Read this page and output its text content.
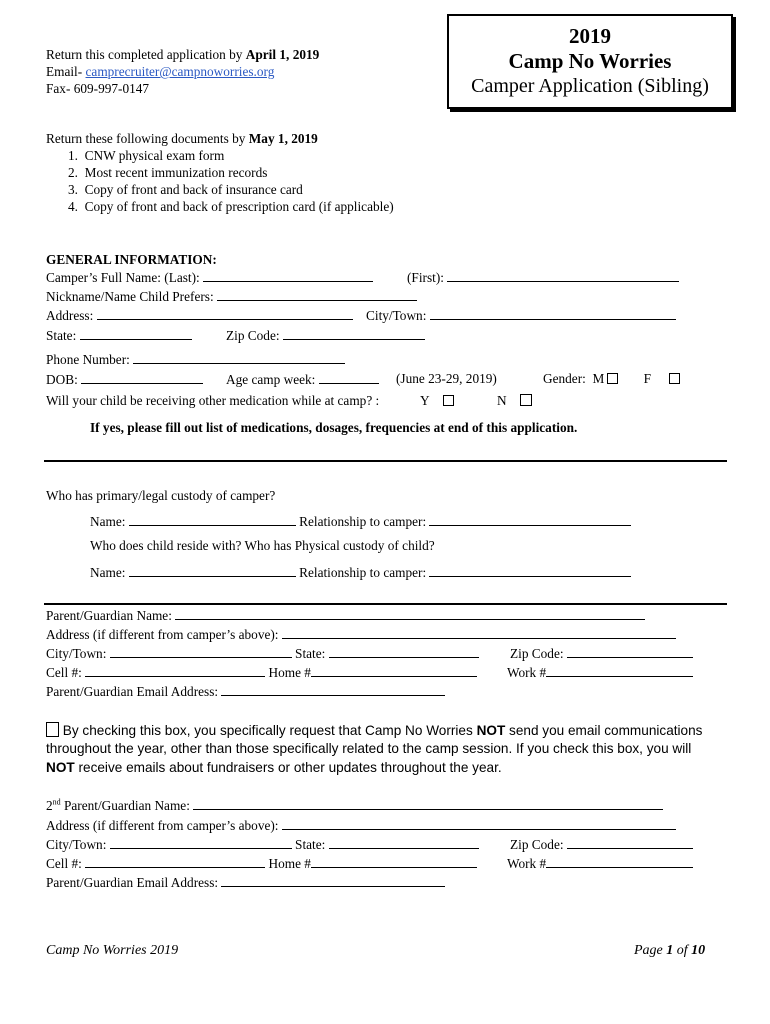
Return this completed application by April 1, 2019
Email- camprecruiter@campnoworries.org
Fax- 609-997-0147
2019
Camp No Worries
Camper Application (Sibling)
Return these following documents by May 1, 2019
1.  CNW physical exam form
2.  Most recent immunization records
3.  Copy of front and back of insurance card
4.  Copy of front and back of prescription card (if applicable)
GENERAL INFORMATION:
Camper’s Full Name: (Last):	(First):
Nickname/Name Child Prefers:
Address:	City/Town:
State:	Zip Code:
Phone Number:
DOB:	Age camp week:	(June 23-29, 2019)	Gender: M	F
Will your child be receiving other medication while at camp? :	Y	N
If yes, please fill out list of medications, dosages, frequencies at end of this application.
Who has primary/legal custody of camper?
Name:	Relationship to camper:
Who does child reside with? Who has Physical custody of child?
Name:	Relationship to camper:
Parent/Guardian Name:
Address (if different from camper’s above):
City/Town:	State:	Zip Code:
Cell #:	Home #	Work #
Parent/Guardian Email Address:
By checking this box, you specifically request that Camp No Worries NOT send you email communications
throughout the year, other than those specifically related to the camp session. If you check this box, you will
NOT receive emails about fundraisers or other updates throughout the year.
2nd Parent/Guardian Name:
Address (if different from camper’s above):
City/Town:	State:	Zip Code:
Cell #:	Home #	Work #
Parent/Guardian Email Address:
Camp No Worries 2019	Page 1 of 10
